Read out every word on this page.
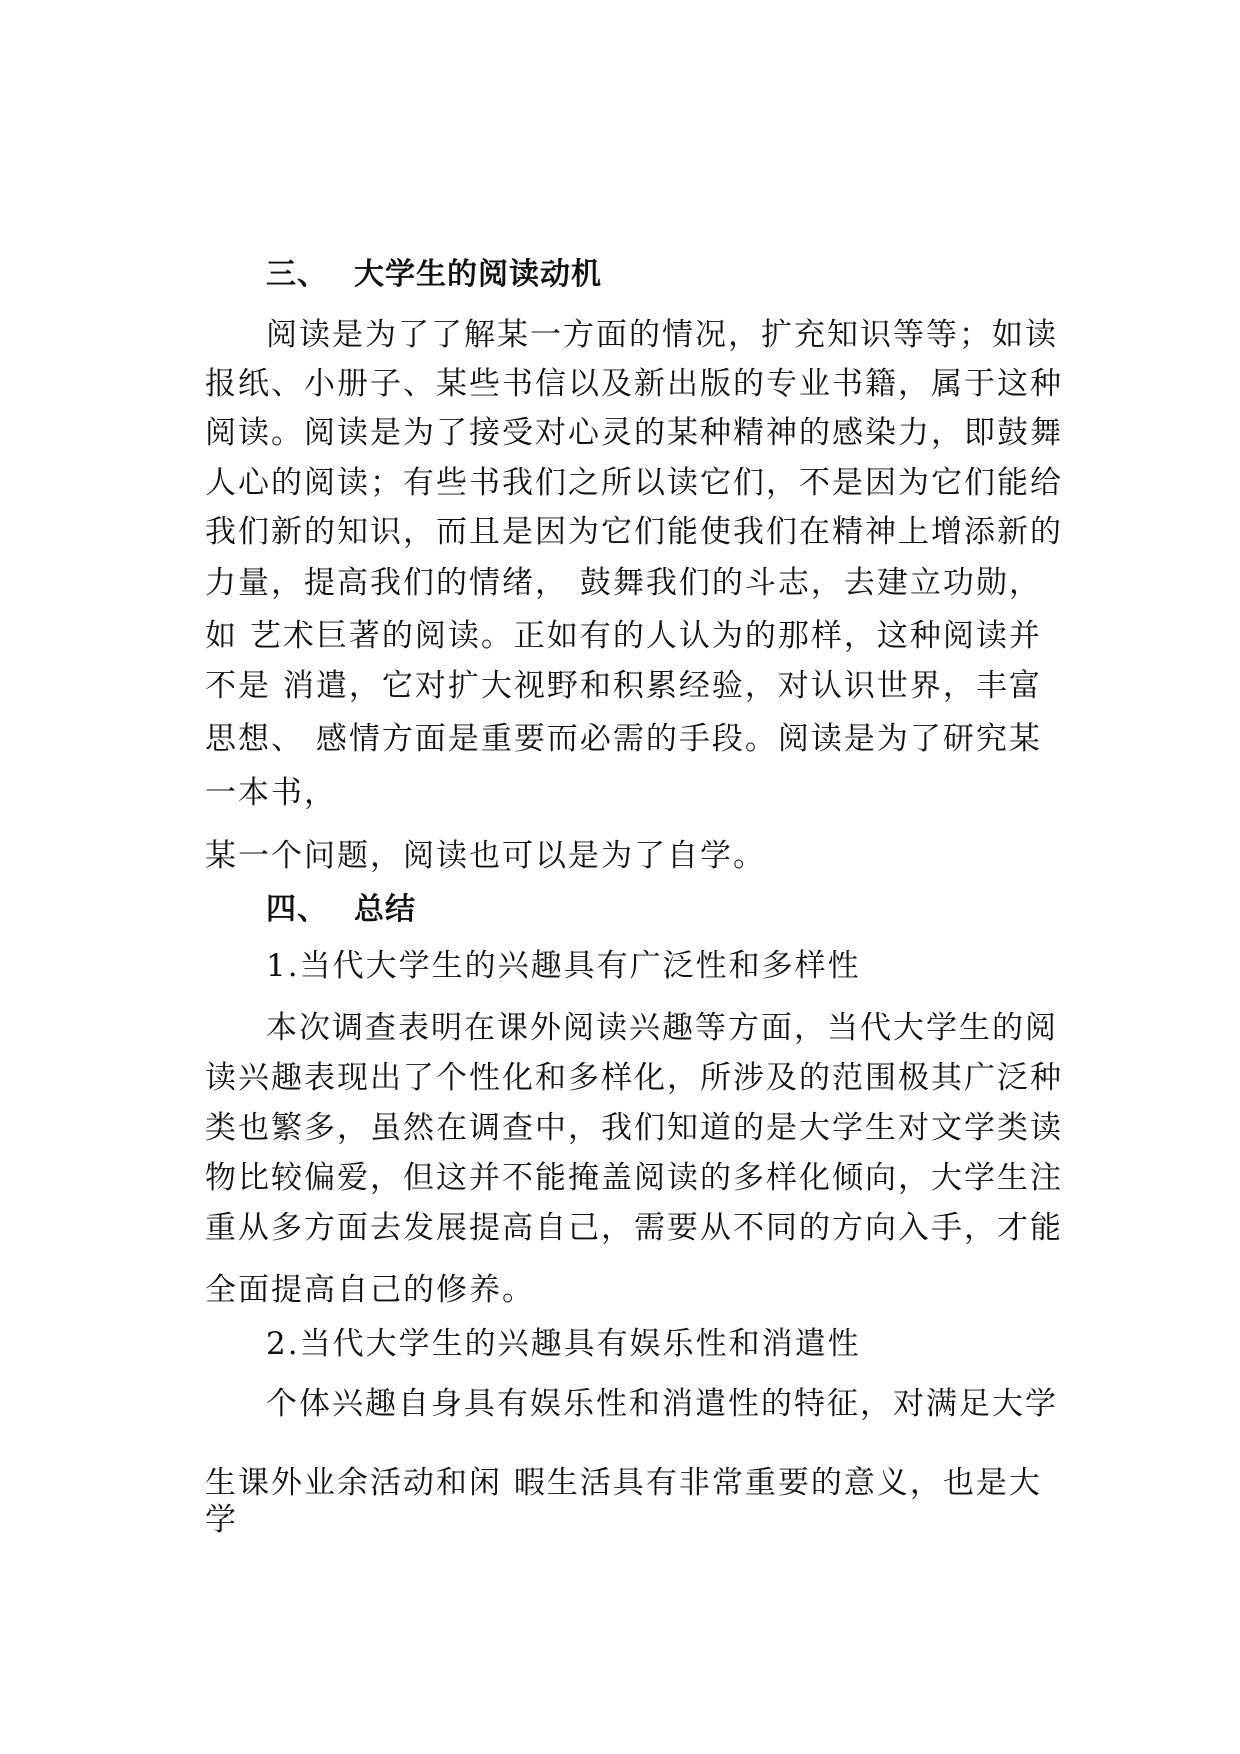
三、 大学生的阅读动机
阅读是为了了解某一方面的情况，扩充知识等等；如读
报纸、小册子、某些书信以及新出版的专业书籍，属于这种
阅读。阅读是为了接受对心灵的某种精神的感染力，即鼓舞
人心的阅读；有些书我们之所以读它们，不是因为它们能给
我们新的知识，而且是因为它们能使我们在精神上增添新的
力量，提高我们的情绪， 鼓舞我们的斗志，去建立功勋，
如 艺术巨著的阅读。正如有的人认为的那样，这种阅读并
不是 消遣，它对扩大视野和积累经验，对认识世界，丰富
思想、 感情方面是重要而必需的手段。阅读是为了研究某
一本书，
某一个问题，阅读也可以是为了自学。
四、 总结
1.当代大学生的兴趣具有广泛性和多样性
本次调查表明在课外阅读兴趣等方面，当代大学生的阅
读兴趣表现出了个性化和多样化，所涉及的范围极其广泛种
类也繁多，虽然在调查中，我们知道的是大学生对文学类读
物比较偏爱，但这并不能掩盖阅读的多样化倾向，大学生注
重从多方面去发展提高自己，需要从不同的方向入手，才能
全面提高自己的修养。
2.当代大学生的兴趣具有娱乐性和消遣性
个体兴趣自身具有娱乐性和消遣性的特征，对满足大学
生课外业余活动和闲 暇生活具有非常重要的意义，也是大
学
